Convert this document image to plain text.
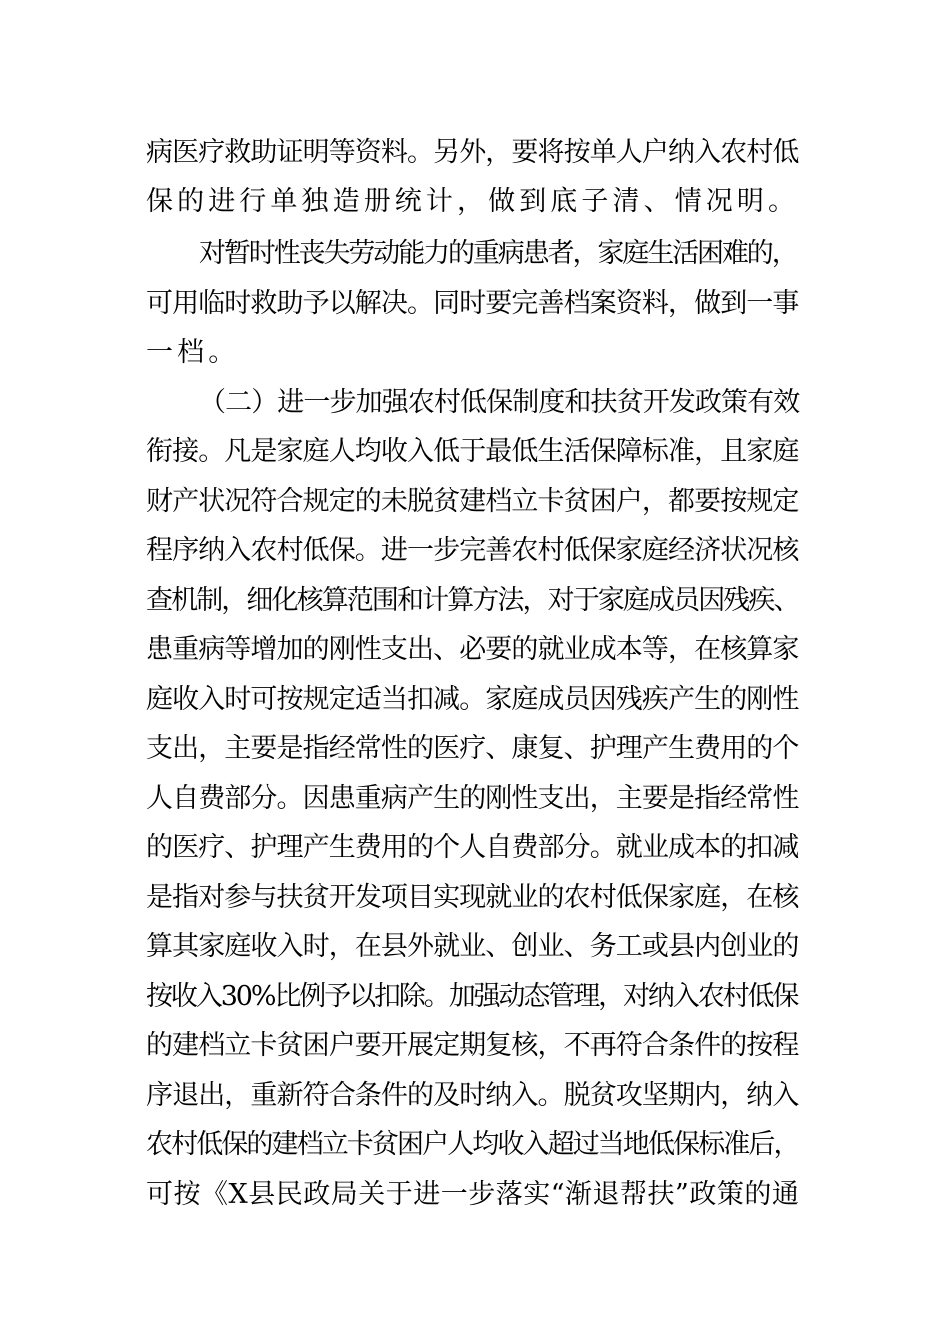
病医疗救助证明等资料。另外，要将按单人户纳入农村低
保的进行单独造册统计，做到底子清、情况明。
对暂时性丧失劳动能力的重病患者，家庭生活困难的，
可用临时救助予以解决。同时要完善档案资料，做到一事
一档。
（二）进一步加强农村低保制度和扶贫开发政策有效
衔接。凡是家庭人均收入低于最低生活保障标准，且家庭
财产状况符合规定的未脱贫建档立卡贫困户，都要按规定
程序纳入农村低保。进一步完善农村低保家庭经济状况核
查机制，细化核算范围和计算方法，对于家庭成员因残疾、
患重病等增加的刚性支出、必要的就业成本等，在核算家
庭收入时可按规定适当扣减。家庭成员因残疾产生的刚性
支出，主要是指经常性的医疗、康复、护理产生费用的个
人自费部分。因患重病产生的刚性支出，主要是指经常性
的医疗、护理产生费用的个人自费部分。就业成本的扣减
是指对参与扶贫开发项目实现就业的农村低保家庭，在核
算其家庭收入时，在县外就业、创业、务工或县内创业的
按收入30%比例予以扣除。加强动态管理，对纳入农村低保
的建档立卡贫困户要开展定期复核，不再符合条件的按程
序退出，重新符合条件的及时纳入。脱贫攻坚期内，纳入
农村低保的建档立卡贫困户人均收入超过当地低保标准后，
可按《X县民政局关于进一步落实“渐退帮扶”政策的通
